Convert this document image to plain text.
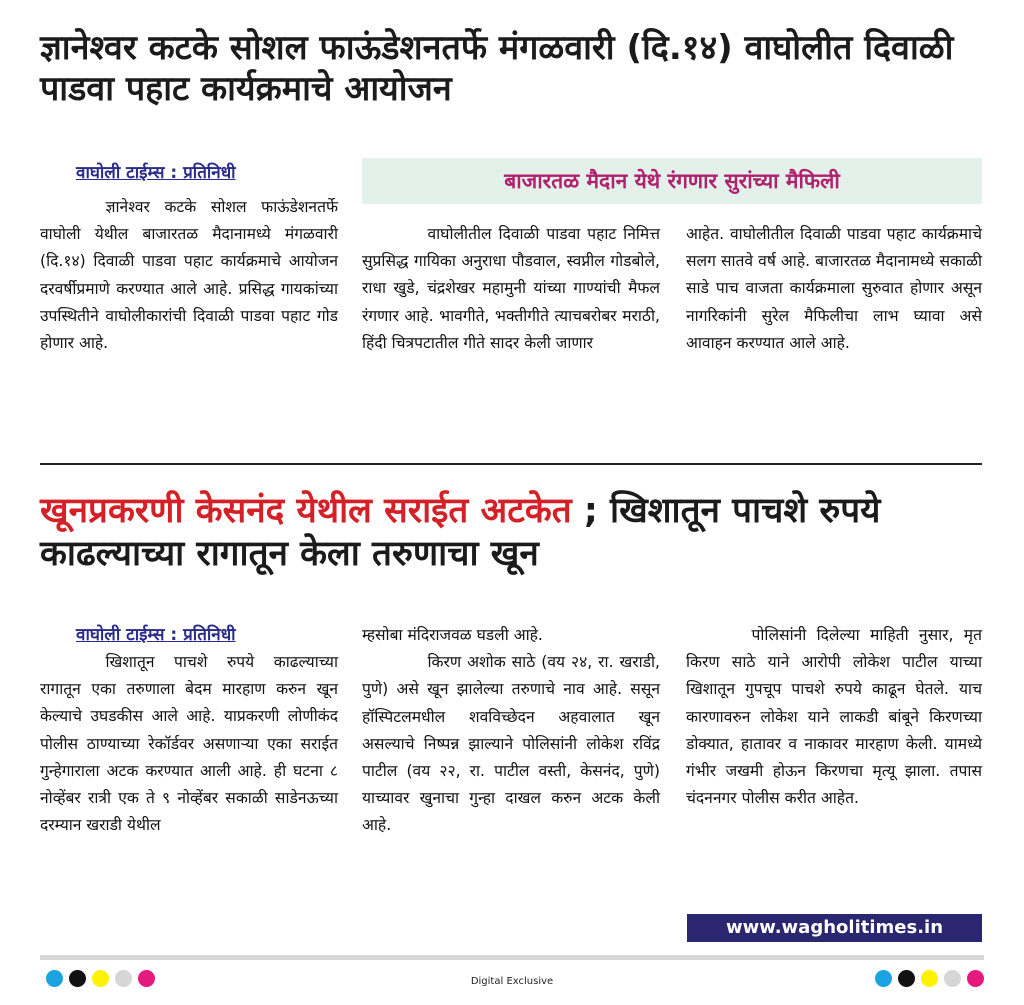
ज्ञानेश्वर कटके सोशल फाऊंडेशनतर्फे मंगळवारी (दि.१४) वाघोलीत दिवाळी पाडवा पहाट कार्यक्रमाचे आयोजन
वाघोली टाईम्स : प्रतिनिधी	बाजारतळ मैदान येथे रंगणार सुरांच्या मैफिली

ज्ञानेश्वर कटके सोशल फाऊंडेशनतर्फे वाघोली येथील बाजारतळ मैदानामध्ये मंगळवारी (दि.१४) दिवाळी पाडवा पहाट कार्यक्रमाचे आयोजन दरवर्षीप्रमाणे करण्यात आले आहे. प्रसिद्ध गायकांच्या उपस्थितीने वाघोलीकारांची दिवाळी पाडवा पहाट गोड होणार आहे.

वाघोलीतील दिवाळी पाडवा पहाट निमित्त सुप्रसिद्ध गायिका अनुराधा पौडवाल, स्वप्नील गोडबोले, राधा खुडे, चंद्रशेखर महामुनी यांच्या गाण्यांची मैफल रंगणार आहे. भावगीते, भक्तीगीते त्याचबरोबर मराठी, हिंदी चित्रपटातील गीते सादर केली जाणार

आहेत. वाघोलीतील दिवाळी पाडवा पहाट कार्यक्रमाचे सलग सातवे वर्ष आहे. बाजारतळ मैदानामध्ये सकाळी साडे पाच वाजता कार्यक्रमाला सुरुवात होणार असून नागरिकांनी सुरेल मैफिलीचा लाभ घ्यावा असे आवाहन करण्यात आले आहे.

खूनप्रकरणी केसनंद येथील सराईत अटकेत ; खिशातून पाचशे रुपये काढल्याच्या रागातून केला तरुणाचा खून
वाघोली टाईम्स : प्रतिनिधी

खिशातून पाचशे रुपये काढल्याच्या रागातून एका तरुणाला बेदम मारहाण करुन खून केल्याचे उघडकीस आले आहे. याप्रकरणी लोणीकंद पोलीस ठाण्याच्या रेकॉर्डवर असणाऱ्या एका सराईत गुन्हेगाराला अटक करण्यात आली आहे. ही घटना ८ नोव्हेंबर रात्री एक ते ९ नोव्हेंबर सकाळी साडेनऊच्या दरम्यान खराडी येथील

म्हसोबा मंदिराजवळ घडली आहे.

किरण अशोक साठे (वय २४, रा. खराडी, पुणे) असे खून झालेल्या तरुणाचे नाव आहे. ससून हॉस्पिटलमधील शवविच्छेदन अहवालात खून असल्याचे निष्पन्न झाल्याने पोलिसांनी लोकेश रविंद्र पाटील (वय २२, रा. पाटील वस्ती, केसनंद, पुणे) याच्यावर खुनाचा गुन्हा दाखल करुन अटक केली आहे.

पोलिसांनी दिलेल्या माहिती नुसार, मृत किरण साठे याने आरोपी लोकेश पाटील याच्या खिशातून गुपचूप पाचशे रुपये काढून घेतले. याच कारणावरुन लोकेश याने लाकडी बांबूने किरणच्या डोक्यात, हातावर व नाकावर मारहाण केली. यामध्ये गंभीर जखमी होऊन किरणचा मृत्यू झाला. तपास चंदननगर पोलीस करीत आहेत.

www.wagholitimes.in
Digital Exclusive
